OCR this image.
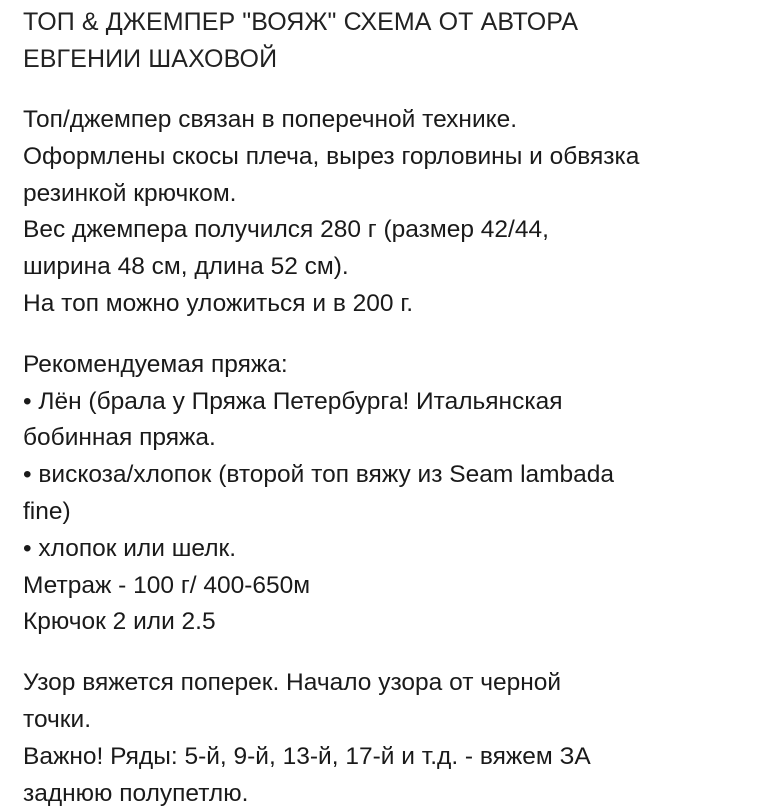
ТОП & ДЖЕМПЕР "ВОЯЖ" СХЕМА ОТ АВТОРА
ЕВГЕНИИ ШАХОВОЙ
Топ/джемпер связан в поперечной технике.
Оформлены скосы плеча, вырез горловины и обвязка
резинкой крючком.
Вес джемпера получился 280 г (размер 42/44,
ширина 48 см, длина 52 см).
На топ можно уложиться и в 200 г.
Рекомендуемая пряжа:
• Лён (брала у Пряжа Петербурга! Итальянская
бобинная пряжа.
• вискоза/хлопок (второй топ вяжу из Seam lambada
fine)
• хлопок или шелк.
Метраж - 100 г/ 400-650м
Крючок 2 или 2.5
Узор вяжется поперек. Начало узора от черной
точки.
Важно! Ряды: 5-й, 9-й, 13-й, 17-й и т.д. - вяжем ЗА
заднюю полупетлю.
